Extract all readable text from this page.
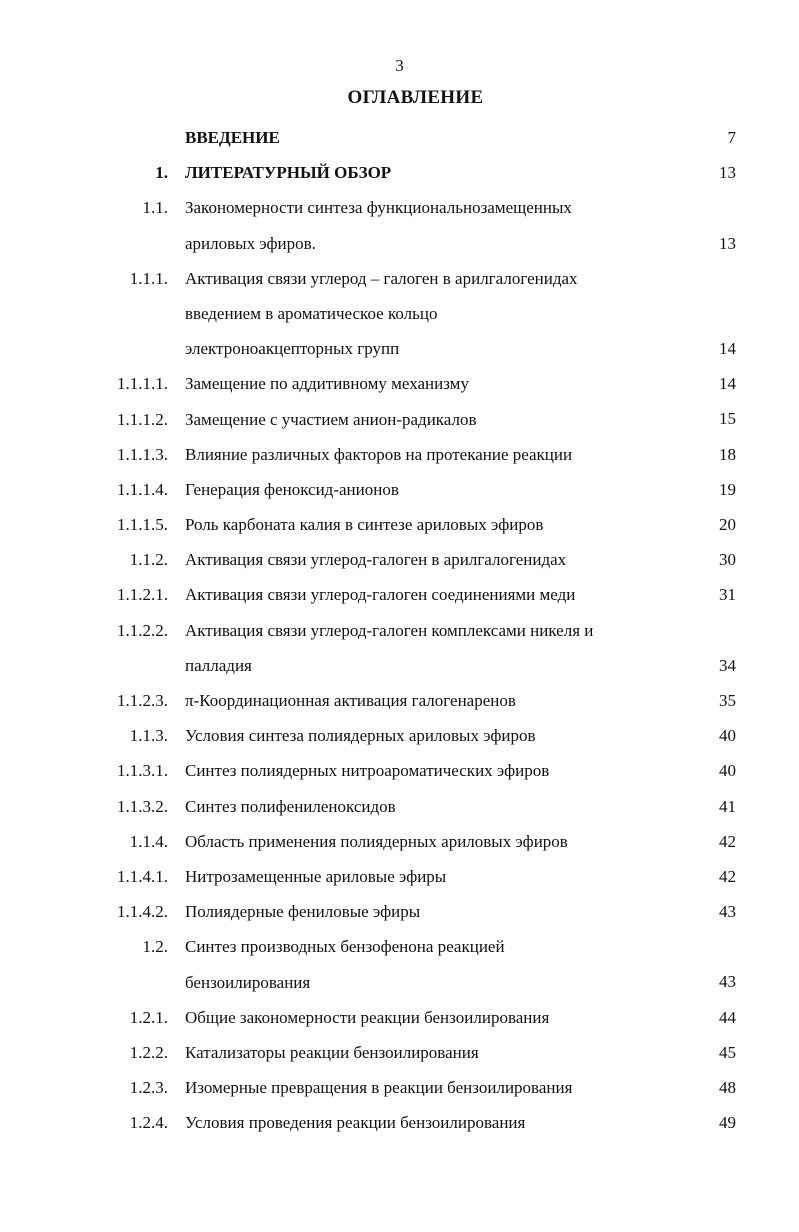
3
ОГЛАВЛЕНИЕ
ВВЕДЕНИЕ	7
1. ЛИТЕРАТУРНЫЙ ОБЗОР	13
1.1. Закономерности синтеза функциональнозамещенных
ариловых эфиров.	13
1.1.1. Активация связи углерод – галоген в арилгалогенидах
введением в ароматическое кольцо
электроноакцепторных групп	14
1.1.1.1. Замещение по аддитивному механизму	14
1.1.1.2. Замещение с участием анион-радикалов	15
1.1.1.3. Влияние различных факторов на протекание реакции	18
1.1.1.4. Генерация феноксид-анионов	19
1.1.1.5. Роль карбоната калия в синтезе ариловых эфиров	20
1.1.2. Активация связи углерод-галоген в арилгалогенидах	30
1.1.2.1. Активация связи углерод-галоген соединениями меди	31
1.1.2.2. Активация связи углерод-галоген комплексами никеля и
палладия	34
1.1.2.3. π-Координационная активация галогенаренов	35
1.1.3. Условия синтеза полиядерных ариловых эфиров	40
1.1.3.1. Синтез полиядерных нитроароматических эфиров	40
1.1.3.2. Синтез полифениленоксидов	41
1.1.4. Область применения полиядерных ариловых эфиров	42
1.1.4.1. Нитрозамещенные ариловые эфиры	42
1.1.4.2. Полиядерные фениловые эфиры	43
1.2. Синтез производных бензофенона реакцией
бензоилирования	43
1.2.1. Общие закономерности реакции бензоилирования	44
1.2.2. Катализаторы реакции бензоилирования	45
1.2.3. Изомерные превращения в реакции бензоилирования	48
1.2.4. Условия проведения реакции бензоилирования	49
